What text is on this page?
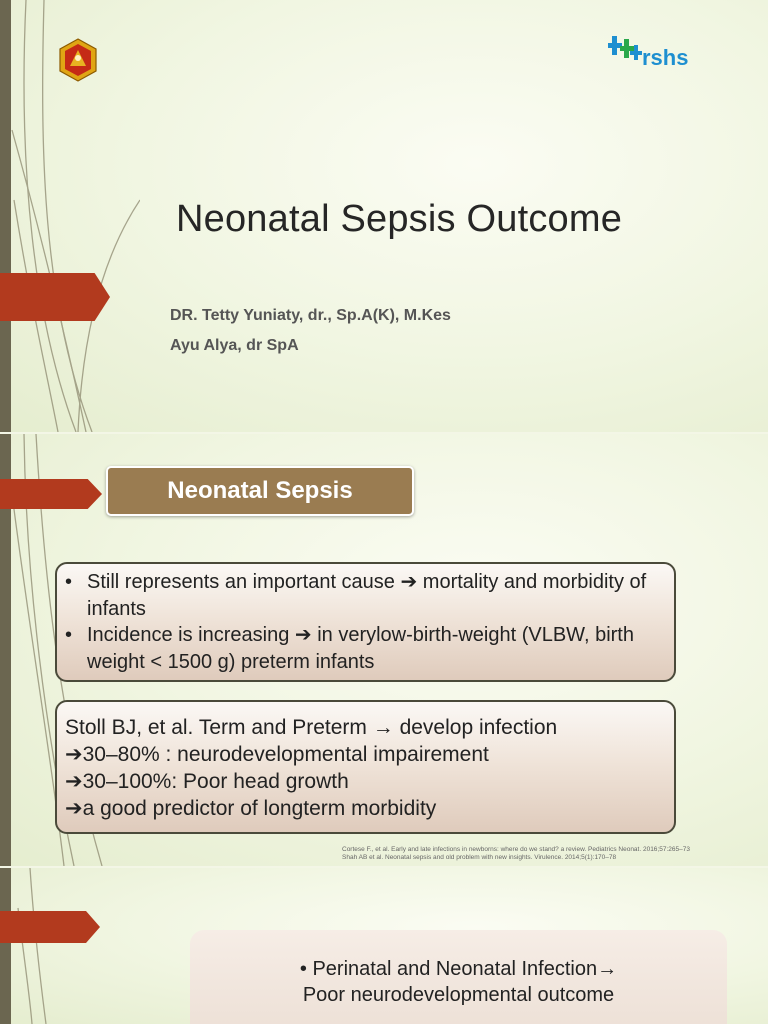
rshs
Neonatal Sepsis Outcome
DR. Tetty Yuniaty, dr., Sp.A(K), M.Kes
Ayu Alya, dr SpA
Neonatal Sepsis
• Still represents an important cause ➔ mortality and morbidity of infants
• Incidence is increasing ➔ in verylow-birth-weight (VLBW, birth weight < 1500 g) preterm infants
Stoll BJ, et al. Term and Preterm → develop infection
➔30–80% : neurodevelopmental impairement
➔30–100%: Poor head growth
➔a good predictor of longterm morbidity
Cortese F., et al. Early and late infections in newborns: where do we stand? a review. Pediatrics Neonat. 2016;57:265–73
Shah AB et al. Neonatal sepsis and old problem with new insights. Virulence. 2014;5(1):170–78
• Perinatal and Neonatal Infection→
Poor neurodevelopmental outcome
